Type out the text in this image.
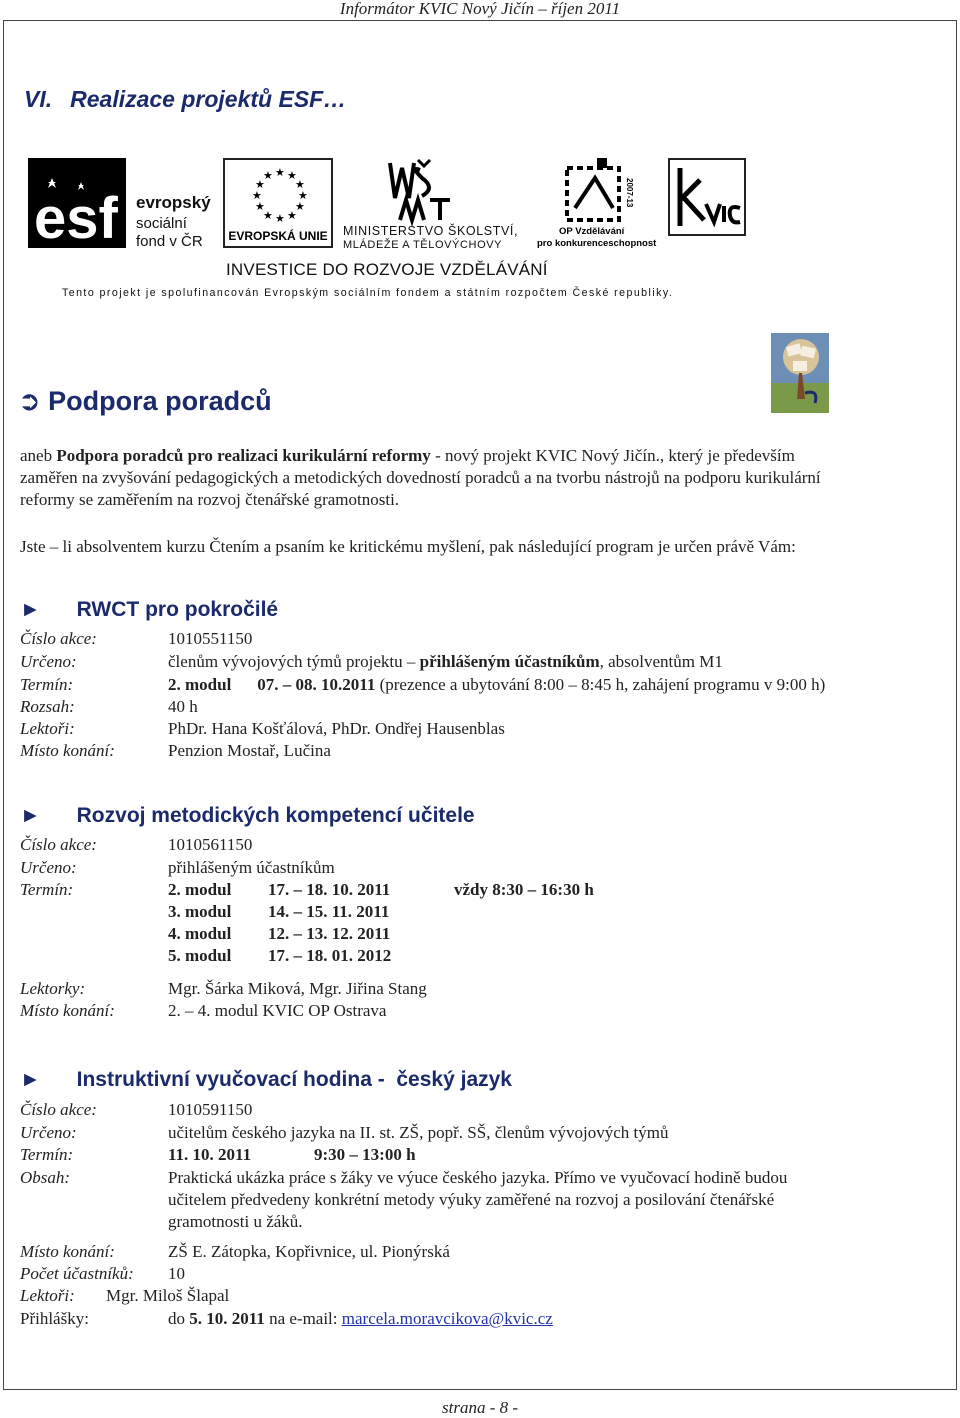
Informátor KVIC Nový Jičín – říjen 2011
VI. Realizace projektů ESF…
esf evropský
sociální
fond v ČR
★ ★
★
★
★
★
★
★
★
★
★
★
EVROPSKÁ UNIE MINISTERSTVO ŠKOLSTVÍ,
MLÁDEŽE A TĚLOVÝCHOVY
2007-13
OP Vzdělávání
pro konkurenceschopnost
INVESTICE DO ROZVOJE VZDĚLÁVÁNÍ
Tento projekt je spolufinancován Evropským sociálním fondem a státním rozpočtem České republiky.
➲ Podpora poradců
aneb Podpora poradců pro realizaci kurikulární reformy - nový projekt KVIC Nový Jičín., který je především
zaměřen na zvyšování pedagogických a metodických dovedností poradců a na tvorbu nástrojů na podporu kurikulární
reformy se zaměřením na rozvoj čtenářské gramotnosti.
Jste – li absolventem kurzu Čtením a psaním ke kritickému myšlení, pak následující program je určen právě Vám:
► RWCT pro pokročilé
Číslo akce:	1010551150
Určeno:	členům vývojových týmů projektu – přihlášeným účastníkům, absolventům M1
Termín:	2. modul 07. – 08. 10.2011 (prezence a ubytování 8:00 – 8:45 h, zahájení programu v 9:00 h)
Rozsah:	40 h
Lektoři:	PhDr. Hana Košťálová, PhDr. Ondřej Hausenblas
Místo konání:	Penzion Mostař, Lučina
► Rozvoj metodických kompetencí učitele
Číslo akce:	1010561150
Určeno:	přihlášeným účastníkům
Termín:	2. modul 17. – 18. 10. 2011	vždy 8:30 – 16:30 h
3. modul 14. – 15. 11. 2011
4. modul 12. – 13. 12. 2011
5. modul 17. – 18. 01. 2012
Lektorky:	Mgr. Šárka Miková, Mgr. Jiřina Stang
Místo konání:	2. – 4. modul KVIC OP Ostrava
► Instruktivní vyučovací hodina -  český jazyk
Číslo akce:	1010591150
Určeno:	učitelům českého jazyka na II. st. ZŠ, popř. SŠ, členům vývojových týmů
Termín:	11. 10. 2011	9:30 – 13:00 h
Obsah:	Praktická ukázka práce s žáky ve výuce českého jazyka. Přímo ve vyučovací hodině budou
učitelem předvedeny konkrétní metody výuky zaměřené na rozvoj a posilování čtenářské
gramotnosti u žáků.
Místo konání:	ZŠ E. Zátopka, Kopřivnice, ul. Pionýrská
Počet účastníků: 10
Lektoři: Mgr. Miloš Šlapal
Přihlášky:	do 5. 10. 2011 na e-mail: marcela.moravcikova@kvic.cz
strana - 8 -
